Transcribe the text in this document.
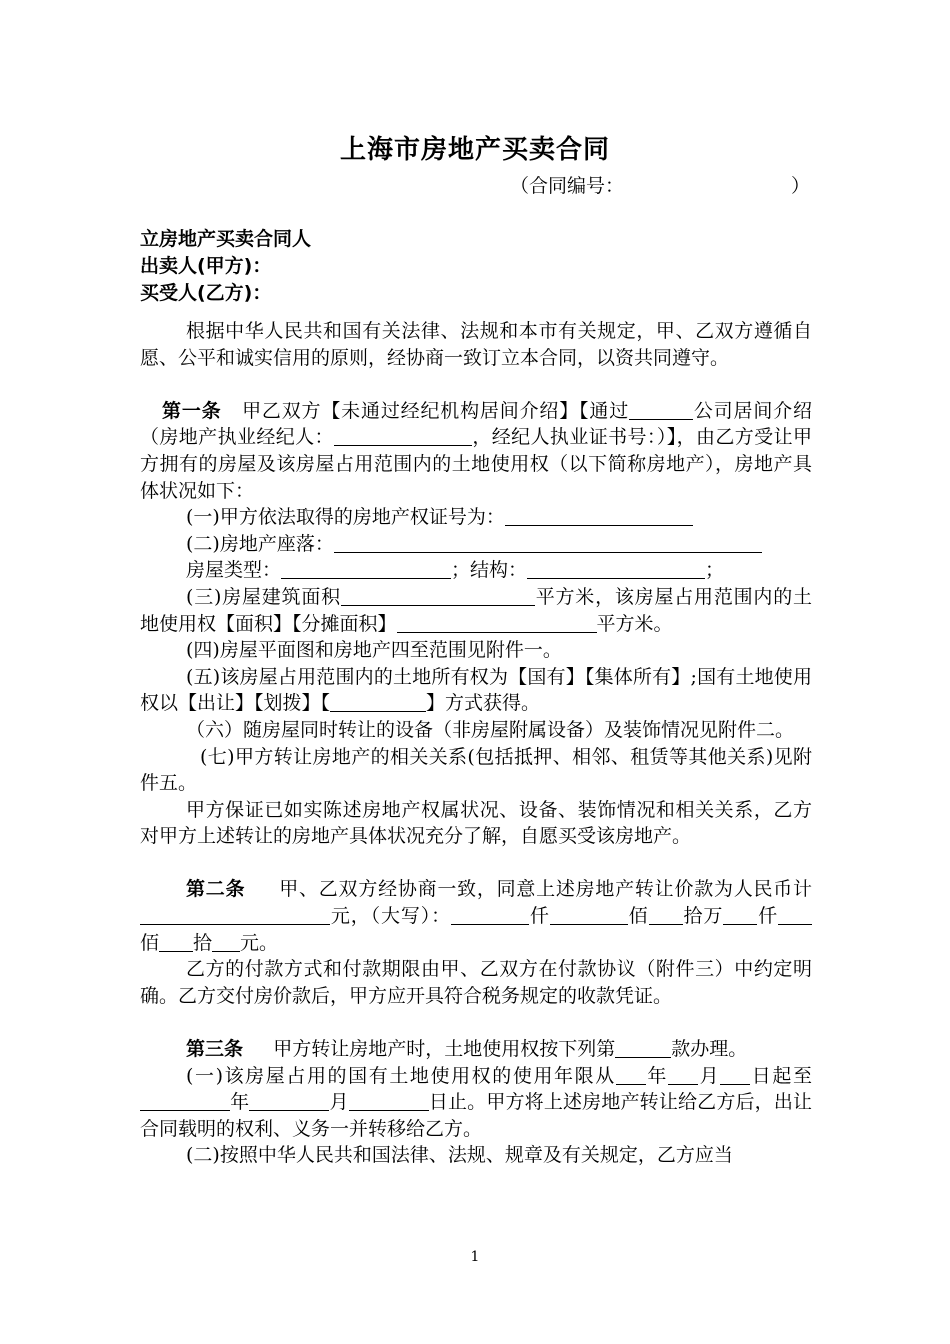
上海市房地产买卖合同
（合同编号：	）
立房地产买卖合同人
出卖人(甲方)：
买受人(乙方)：

根据中华人民共和国有关法律、法规和本市有关规定，甲、乙双方遵循自愿、公平和诚实信用的原则，经协商一致订立本合同，以资共同遵守。

第一条 甲乙双方【未通过经纪机构居间介绍】【通过	公司居间介绍（房地产执业经纪人：	，经纪人执业证书号：）】，由乙方受让甲方拥有的房屋及该房屋占用范围内的土地使用权（以下简称房地产），房地产具体状况如下：

(一)甲方依法取得的房地产权证号为：

(二)房地产座落：

房屋类型：	；结构：	；

(三)房屋建筑面积	平方米，该房屋占用范围内的土地使用权【面积】【分摊面积】	平方米。

(四)房屋平面图和房地产四至范围见附件一。

(五)该房屋占用范围内的土地所有权为【国有】【集体所有】;国有土地使用权以【出让】【划拨】【	】方式获得。

（六）随房屋同时转让的设备（非房屋附属设备）及装饰情况见附件二。

(七)甲方转让房地产的相关关系(包括抵押、相邻、租赁等其他关系)见附件五。

甲方保证已如实陈述房地产权属状况、设备、装饰情况和相关关系，乙方对甲方上述转让的房地产具体状况充分了解，自愿买受该房地产。

第二条 甲、乙双方经协商一致，同意上述房地产转让价款为人民币计元，（大写）：	仟	佰 拾万 仟佰 拾 元。

乙方的付款方式和付款期限由甲、乙双方在付款协议（附件三）中约定明确。乙方交付房价款后，甲方应开具符合税务规定的收款凭证。

第三条 甲方转让房地产时，土地使用权按下列第	款办理。

(一)该房屋占用的国有土地使用权的使用年限从 年 月 日起至年	月	日止。甲方将上述房地产转让给乙方后，出让合同载明的权利、义务一并转移给乙方。

(二)按照中华人民共和国法律、法规、规章及有关规定，乙方应当

1
